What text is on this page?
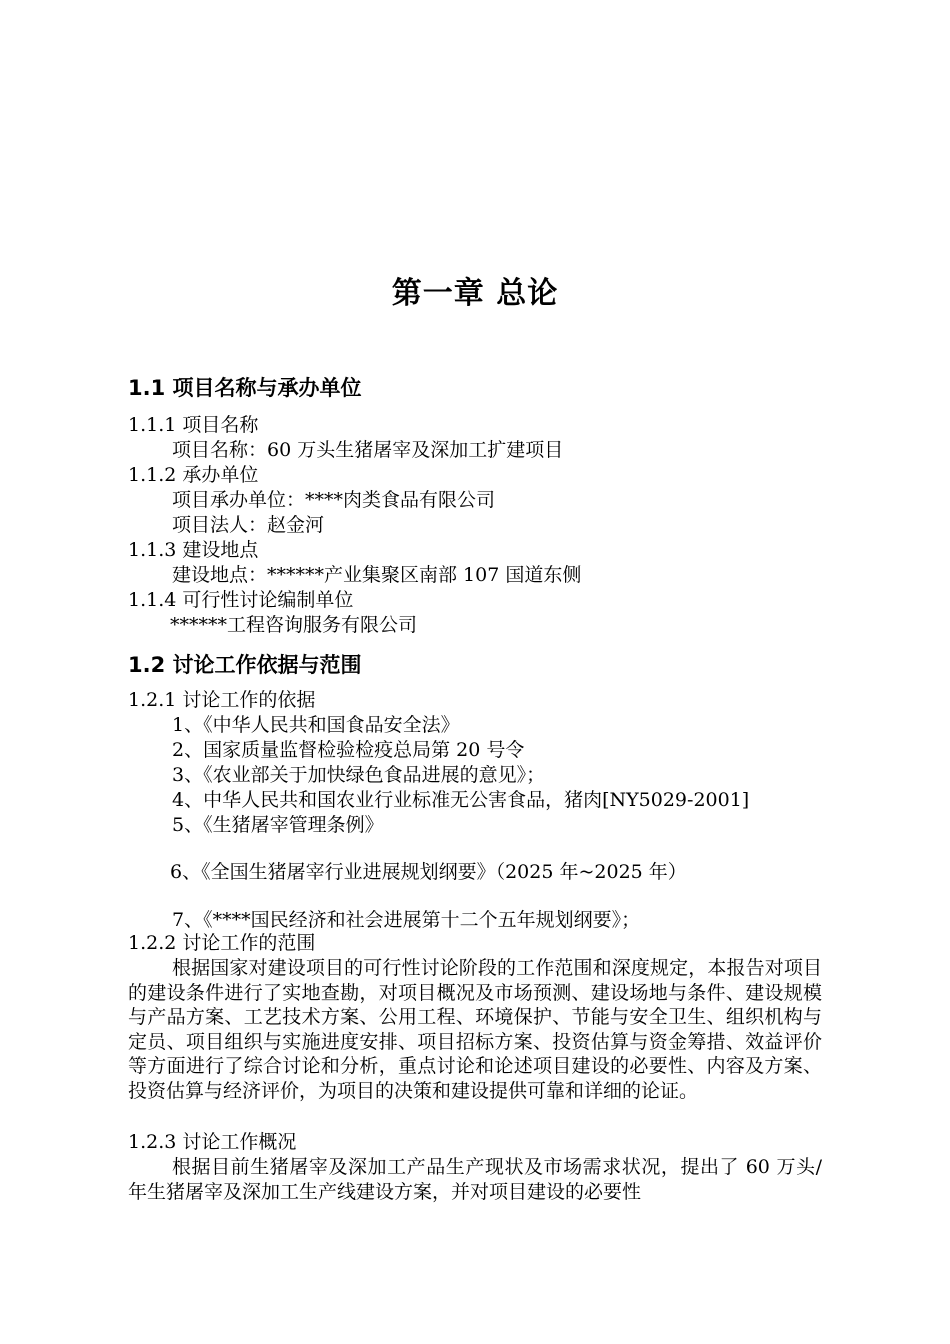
第一章 总论
1.1 项目名称与承办单位

1.1.1 项目名称

项目名称：60 万头生猪屠宰及深加工扩建项目

1.1.2 承办单位

项目承办单位：****肉类食品有限公司

项目法人：赵金河

1.1.3 建设地点

建设地点：******产业集聚区南部 107 国道东侧

1.1.4 可行性讨论编制单位

******工程咨询服务有限公司

1.2 讨论工作依据与范围

1.2.1 讨论工作的依据

1、《中华人民共和国食品安全法》

2、国家质量监督检验检疫总局第 20 号令

3、《农业部关于加快绿色食品进展的意见》；

4、中华人民共和国农业行业标准无公害食品，猪肉[NY5029-2001]

5、《生猪屠宰管理条例》

6、《全国生猪屠宰行业进展规划纲要》（2025 年~2025 年）

7、《****国民经济和社会进展第十二个五年规划纲要》；

1.2.2 讨论工作的范围

根据国家对建设项目的可行性讨论阶段的工作范围和深度规定，本报告对项目的建设条件进行了实地查勘，对项目概况及市场预测、建设场地与条件、建设规模与产品方案、工艺技术方案、公用工程、环境保护、节能与安全卫生、组织机构与定员、项目组织与实施进度安排、项目招标方案、投资估算与资金筹措、效益评价等方面进行了综合讨论和分析，重点讨论和论述项目建设的必要性、内容及方案、投资估算与经济评价，为项目的决策和建设提供可靠和详细的论证。

1.2.3 讨论工作概况

根据目前生猪屠宰及深加工产品生产现状及市场需求状况，提出了 60 万头/年生猪屠宰及深加工生产线建设方案，并对项目建设的必要性
